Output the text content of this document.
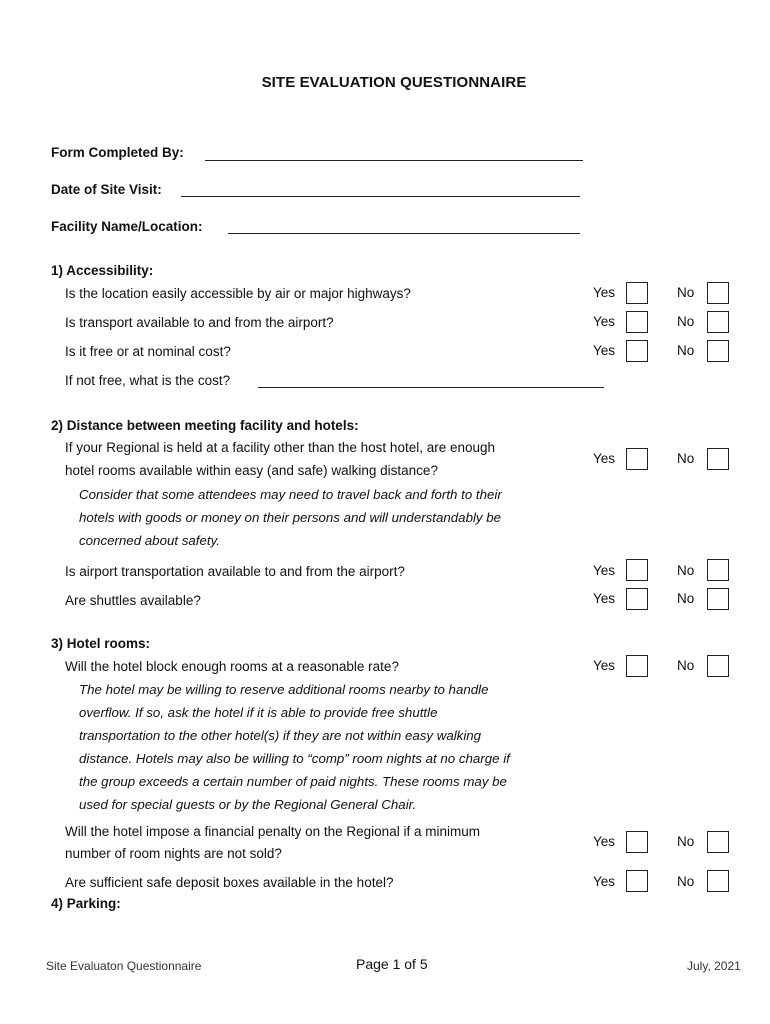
SITE EVALUATION QUESTIONNAIRE
Form Completed By:
Date of Site Visit:
Facility Name/Location:
1) Accessibility:
Is the location easily accessible by air or major highways?	Yes	No
Is transport available to and from the airport?	Yes	No
Is it free or at nominal cost?	Yes	No
If not free, what is the cost?
2) Distance between meeting facility and hotels:
If your Regional is held at a facility other than the host hotel, are enough
hotel rooms available within easy (and safe) walking distance?
Yes	No
Consider that some attendees may need to travel back and forth to their
hotels with goods or money on their persons and will understandably be
concerned about safety.
Is airport transportation available to and from the airport?	Yes	No
Are shuttles available?	Yes	No
3) Hotel rooms:
Will the hotel block enough rooms at a reasonable rate?	Yes	No
The hotel may be willing to reserve additional rooms nearby to handle
overflow. If so, ask the hotel if it is able to provide free shuttle
transportation to the other hotel(s) if they are not within easy walking
distance. Hotels may also be willing to “comp” room nights at no charge if
the group exceeds a certain number of paid nights. These rooms may be
used for special guests or by the Regional General Chair.
Will the hotel impose a financial penalty on the Regional if a minimum
number of room nights are not sold?
Yes	No
Are sufficient safe deposit boxes available in the hotel?	Yes	No
4) Parking:
Site Evaluaton Questionnaire	Page 1 of 5	July, 2021
